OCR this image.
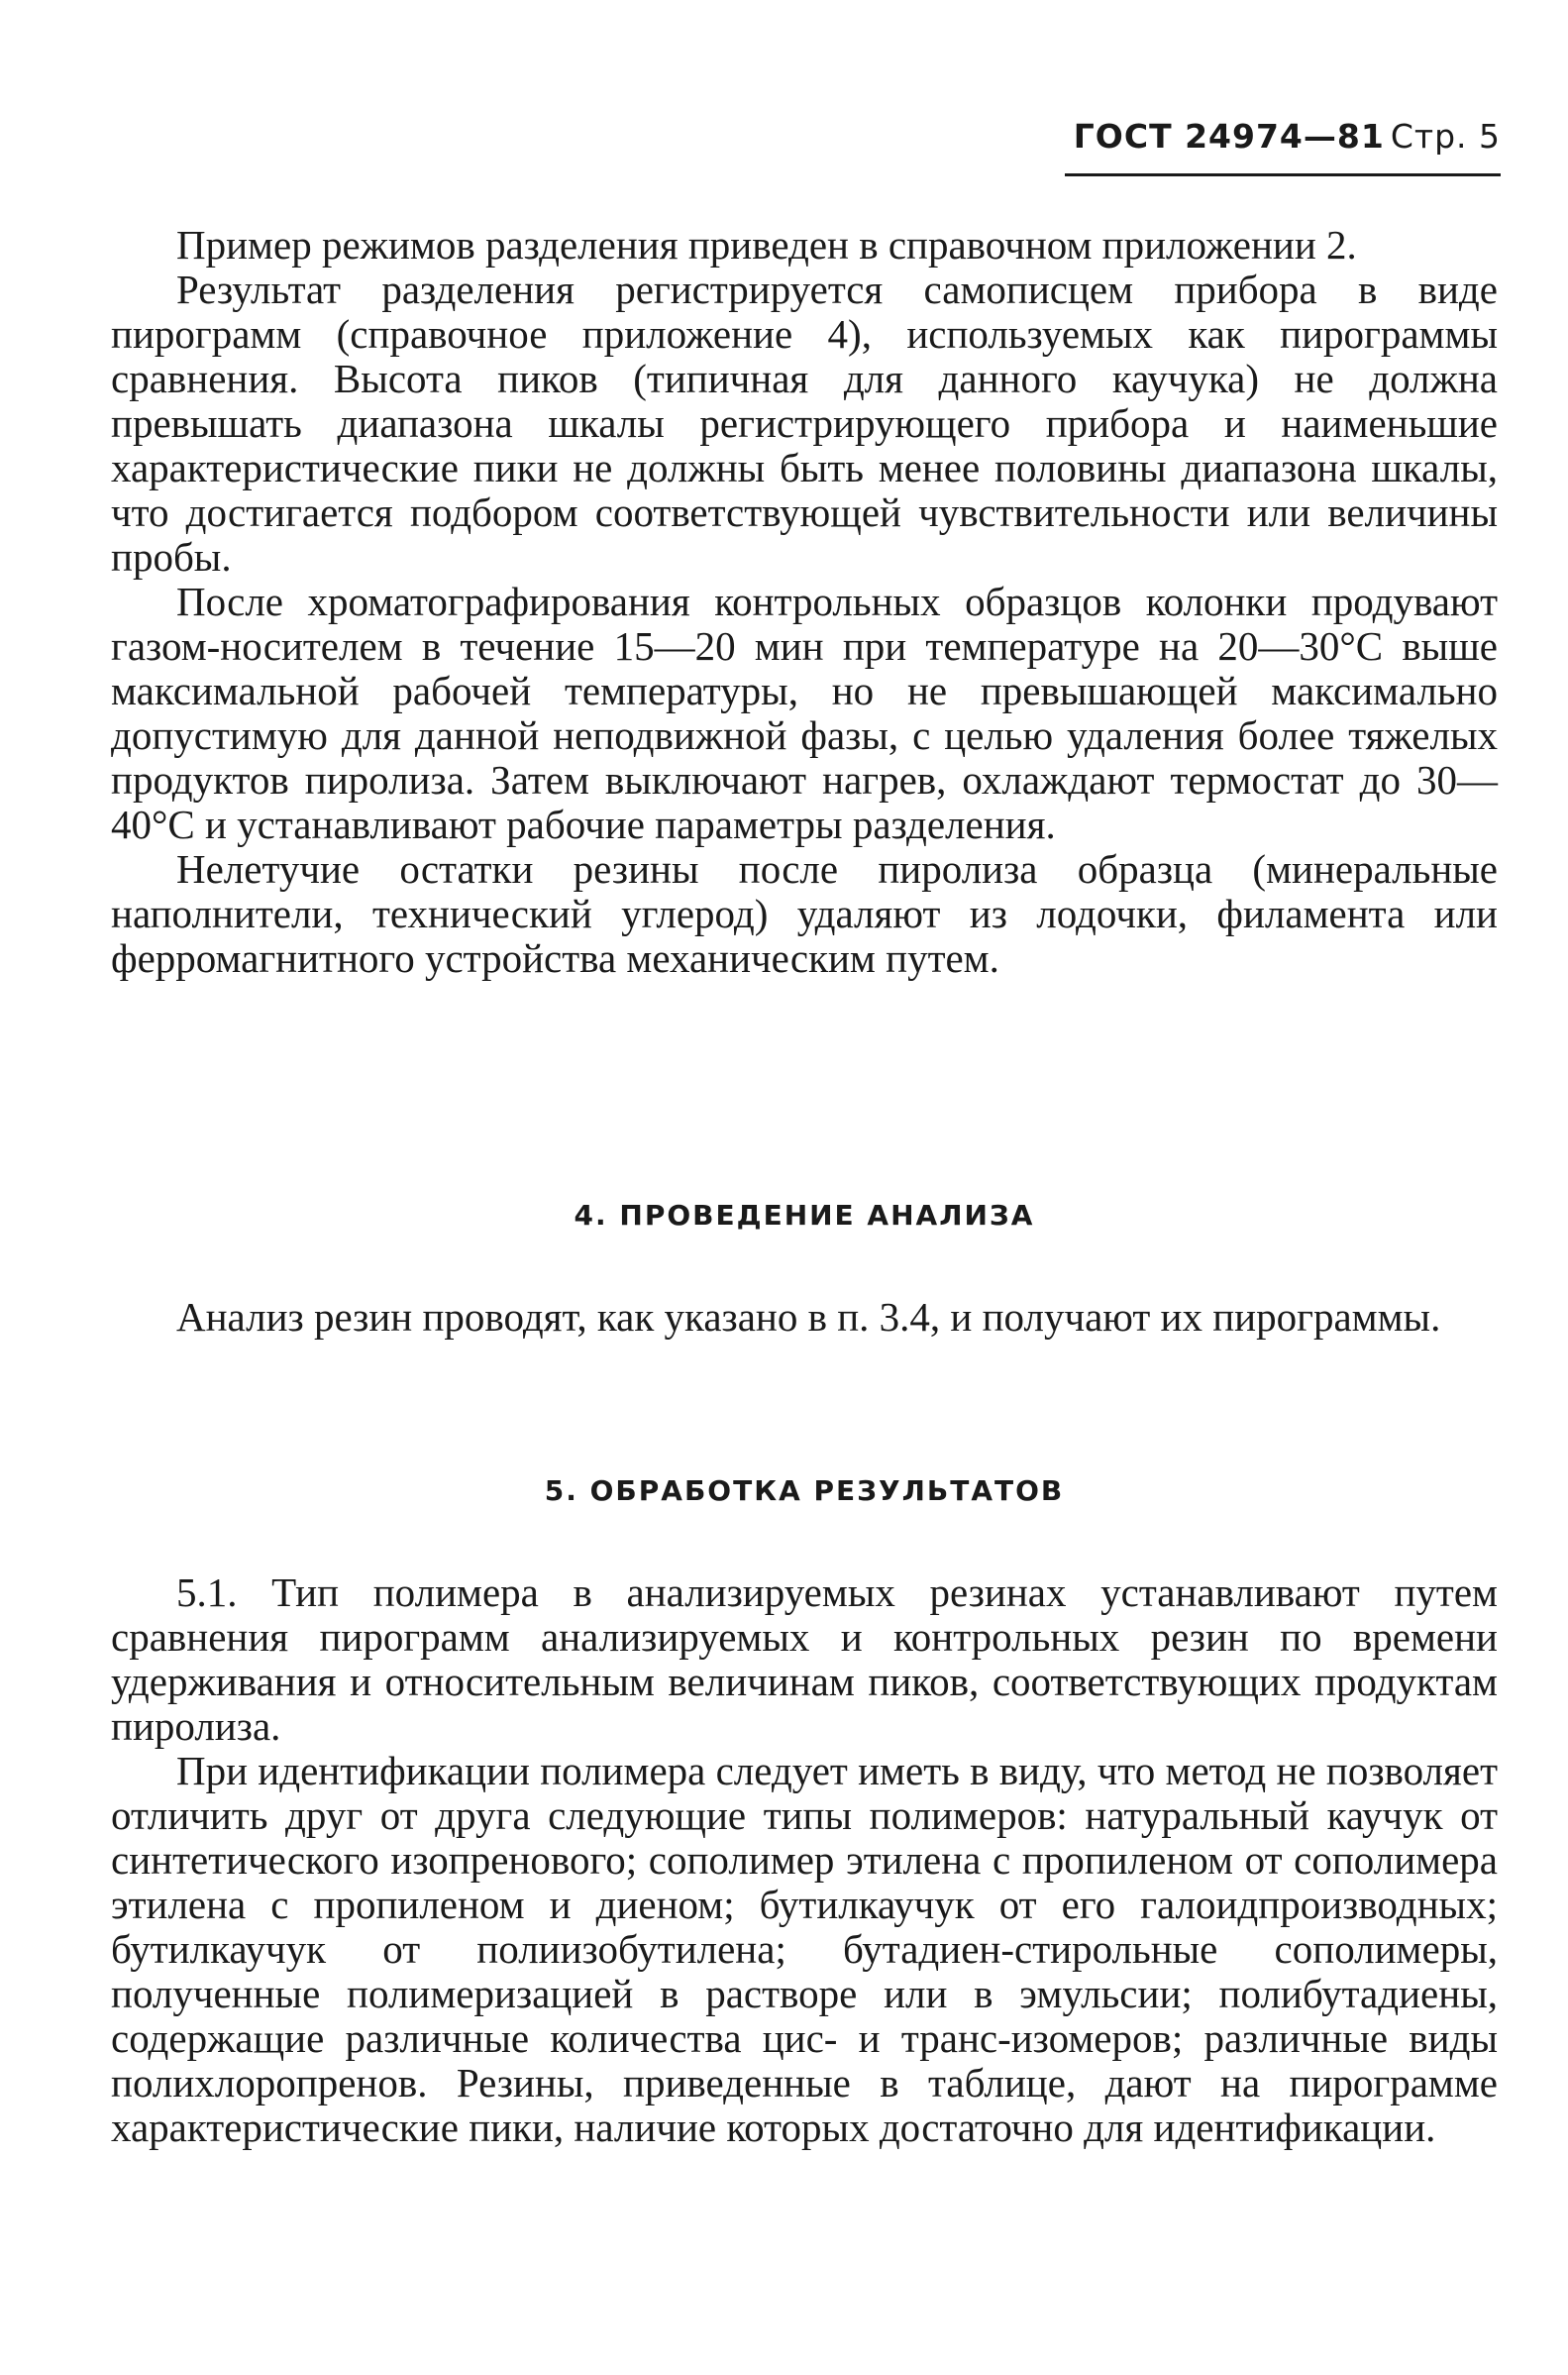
ГОСТ 24974—81 Стр. 5

Пример режимов разделения приведен в справочном приложении 2.

Результат разделения регистрируется самописцем прибора в виде пирограмм (справочное приложение 4), используемых как пирограммы сравнения. Высота пиков (типичная для данного каучука) не должна превышать диапазона шкалы регистрирующего прибора и наименьшие характеристические пики не должны быть менее половины диапазона шкалы, что достигается подбором соответствующей чувствительности или величины пробы.

После хроматографирования контрольных образцов колонки продувают газом-носителем в течение 15—20 мин при температуре на 20—30°С выше максимальной рабочей температуры, но не превышающей максимально допустимую для данной неподвижной фазы, с целью удаления более тяжелых продуктов пиролиза. Затем выключают нагрев, охлаждают термостат до 30—40°С и устанавливают рабочие параметры разделения.

Нелетучие остатки резины после пиролиза образца (минеральные наполнители, технический углерод) удаляют из лодочки, филамента или ферромагнитного устройства механическим путем.

4. ПРОВЕДЕНИЕ АНАЛИЗА

Анализ резин проводят, как указано в п. 3.4, и получают их пирограммы.

5. ОБРАБОТКА РЕЗУЛЬТАТОВ

5.1. Тип полимера в анализируемых резинах устанавливают путем сравнения пирограмм анализируемых и контрольных резин по времени удерживания и относительным величинам пиков, соответствующих продуктам пиролиза.

При идентификации полимера следует иметь в виду, что метод не позволяет отличить друг от друга следующие типы полимеров: натуральный каучук от синтетического изопренового; сополимер этилена с пропиленом от сополимера этилена с пропиленом и диеном; бутилкаучук от его галоидпроизводных; бутилкаучук от полиизобутилена; бутадиен-стирольные сополимеры, полученные полимеризацией в растворе или в эмульсии; полибутадиены, содержащие различные количества цис- и транс-изомеров; различные виды полихлоропренов. Резины, приведенные в таблице, дают на пирограмме характеристические пики, наличие которых достаточно для идентификации.
